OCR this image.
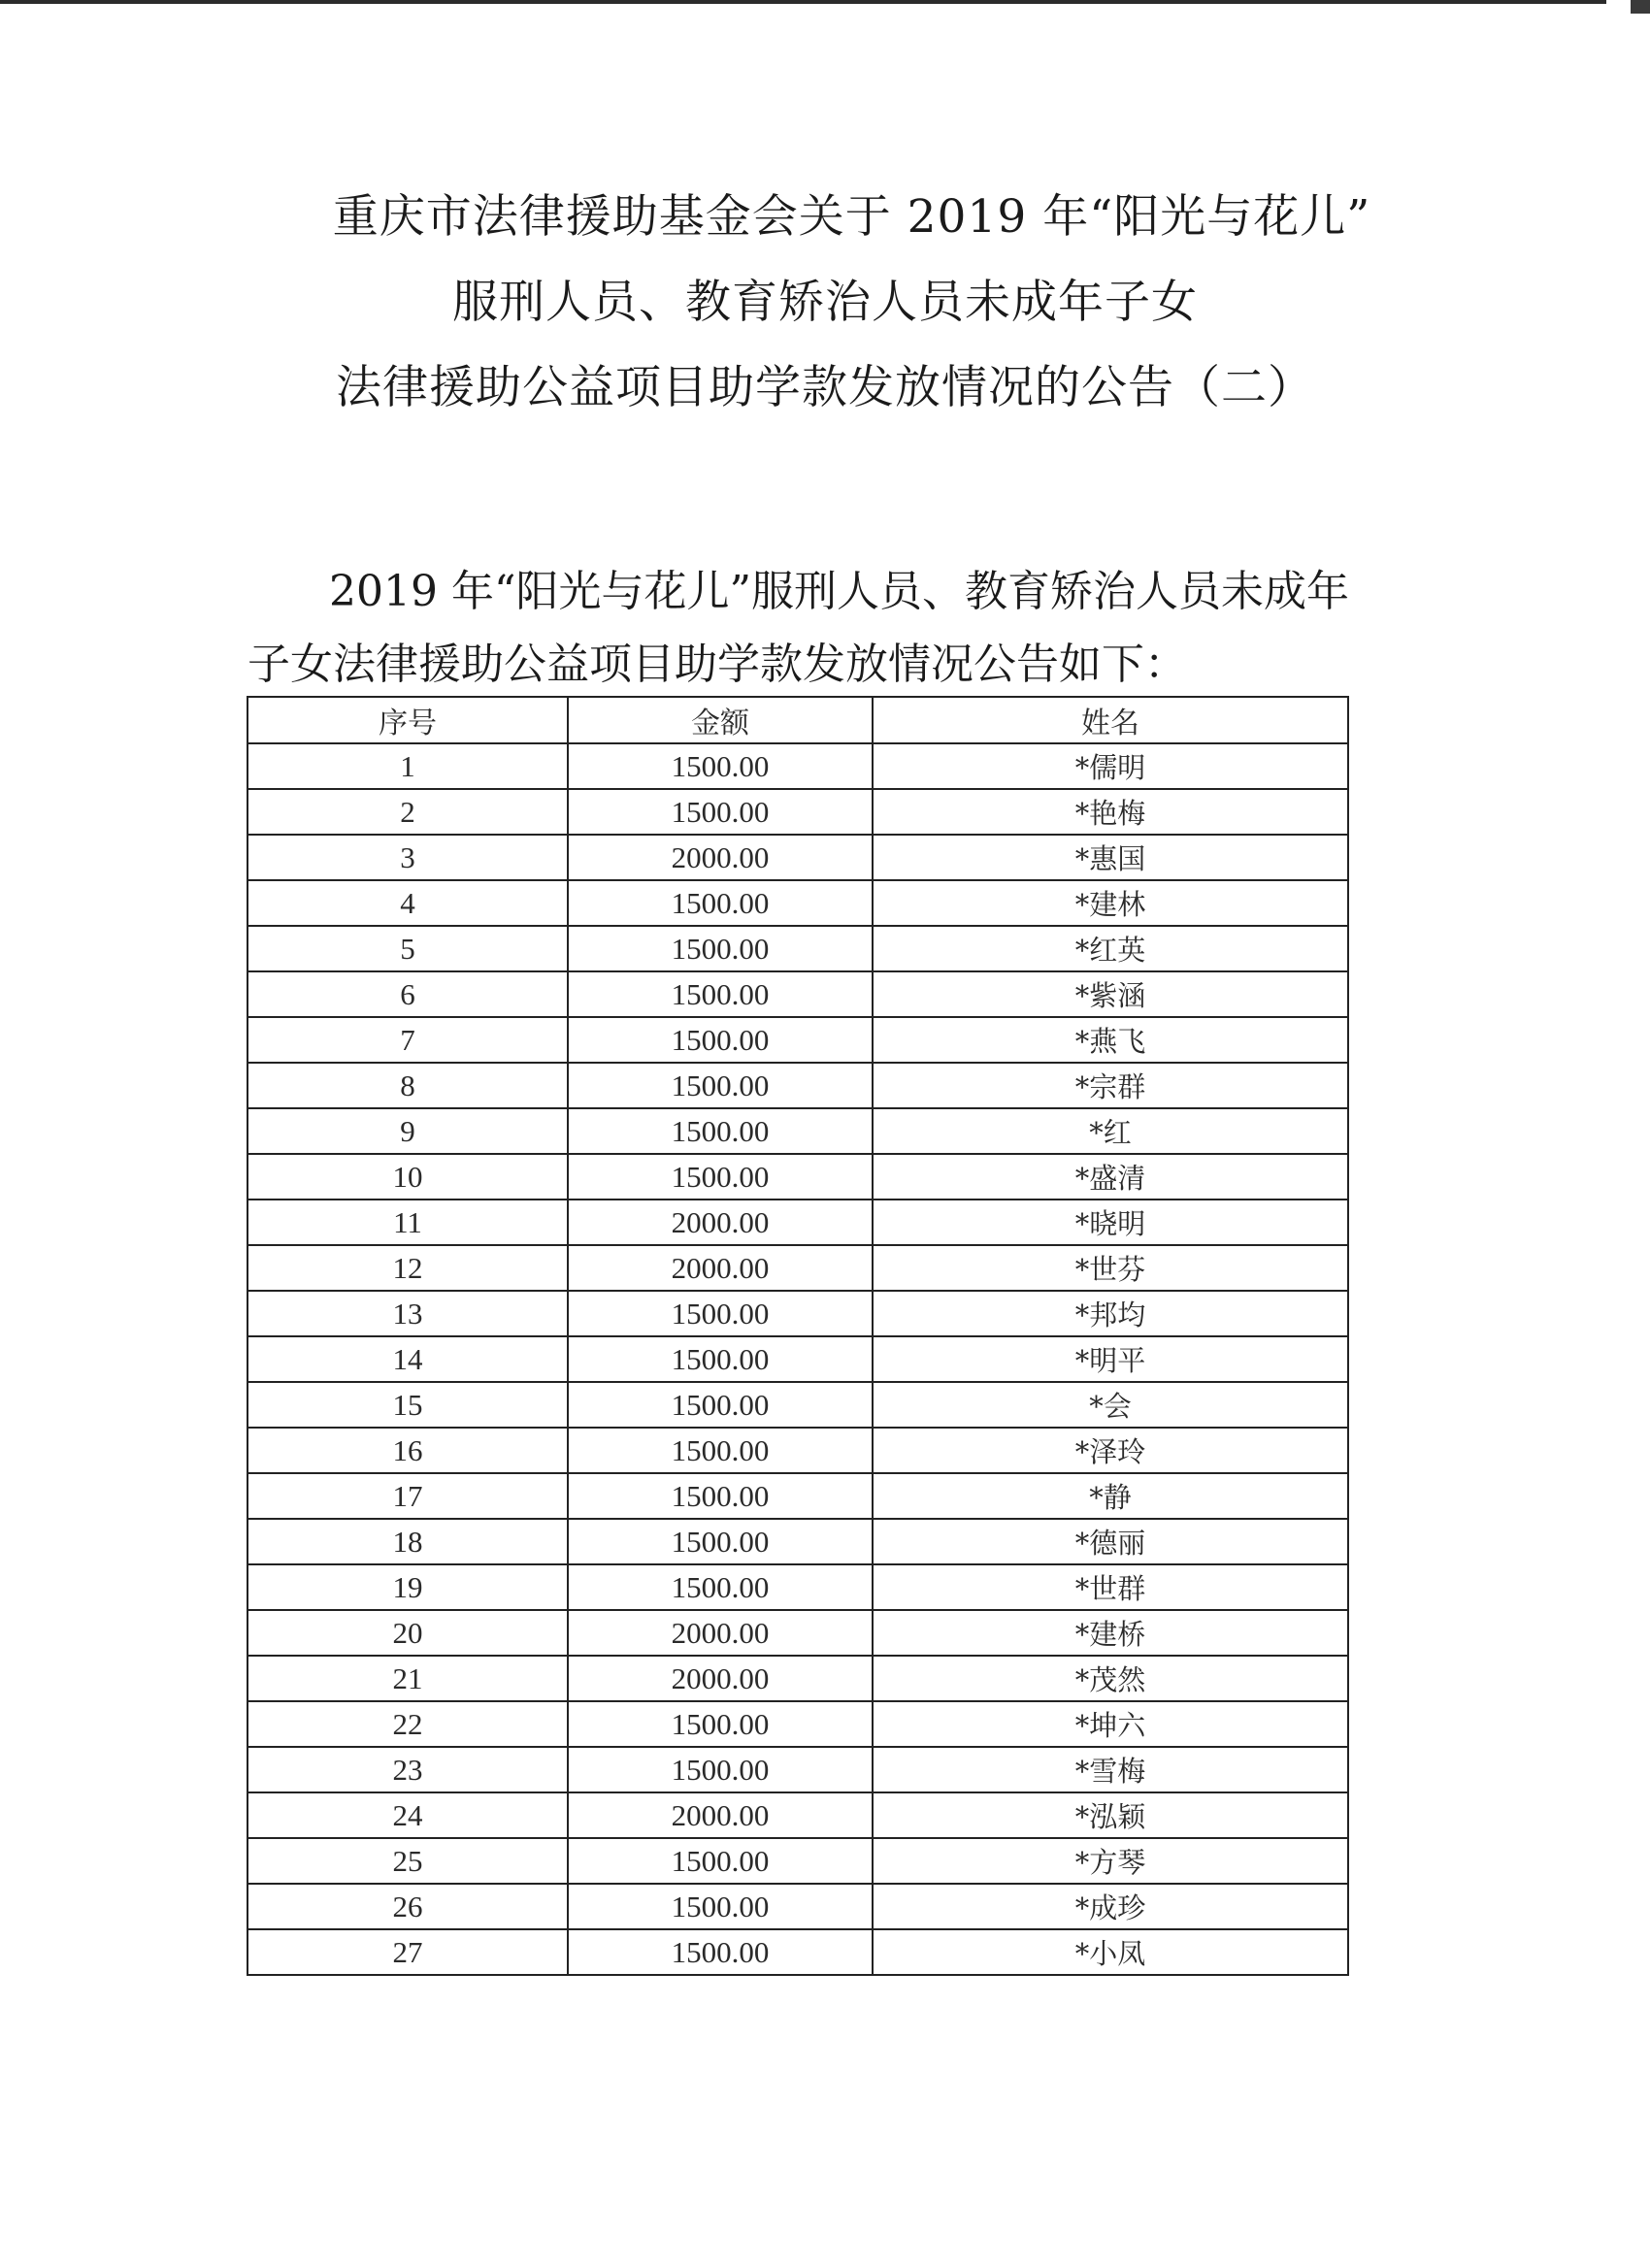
重庆市法律援助基金会关于 2019 年“阳光与花儿”
服刑人员、教育矫治人员未成年子女
法律援助公益项目助学款发放情况的公告（二）
2019 年“阳光与花儿”服刑人员、教育矫治人员未成年
子女法律援助公益项目助学款发放情况公告如下：
序号	金额	姓名
1	1500.00	*儒明
2	1500.00	*艳梅
3	2000.00	*惠国
4	1500.00	*建林
5	1500.00	*红英
6	1500.00	*紫涵
7	1500.00	*燕飞
8	1500.00	*宗群
9	1500.00	*红
10	1500.00	*盛清
11	2000.00	*晓明
12	2000.00	*世芬
13	1500.00	*邦均
14	1500.00	*明平
15	1500.00	*会
16	1500.00	*泽玲
17	1500.00	*静
18	1500.00	*德丽
19	1500.00	*世群
20	2000.00	*建桥
21	2000.00	*茂然
22	1500.00	*坤六
23	1500.00	*雪梅
24	2000.00	*泓颖
25	1500.00	*方琴
26	1500.00	*成珍
27	1500.00	*小凤
